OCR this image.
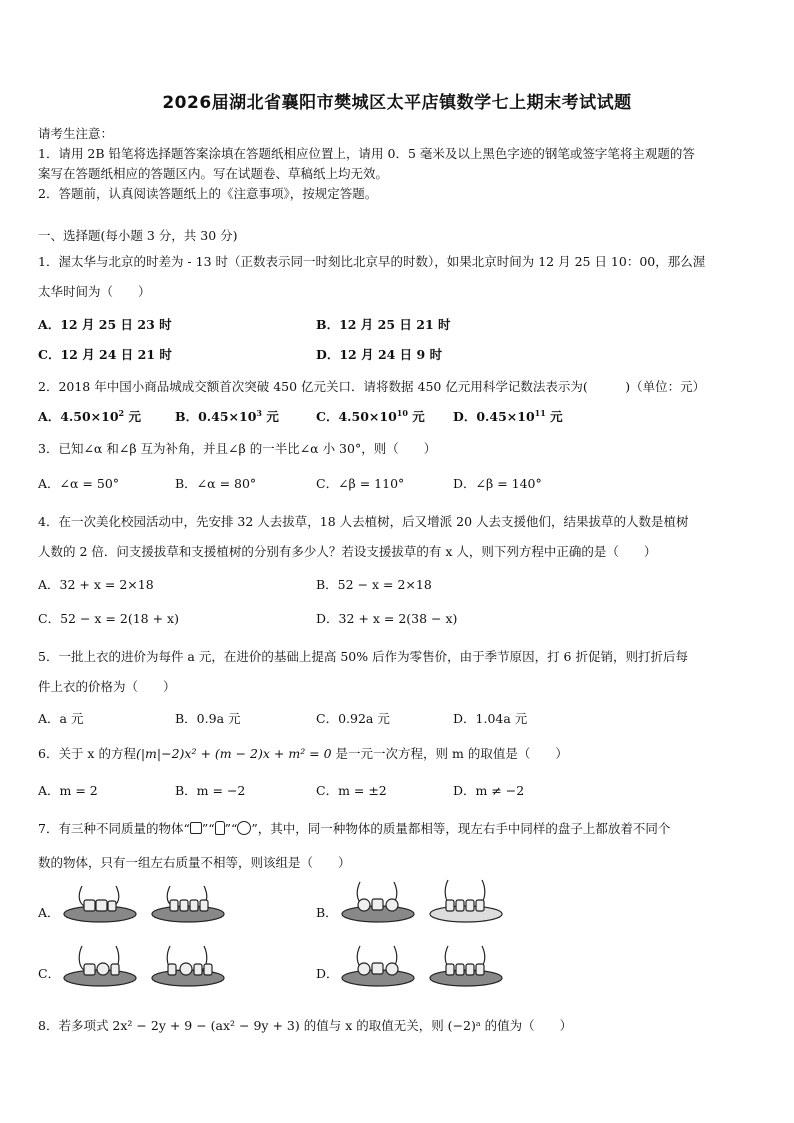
2026届湖北省襄阳市樊城区太平店镇数学七上期末考试试题
请考生注意：
1．请用 2B 铅笔将选择题答案涂填在答题纸相应位置上，请用 0．5 毫米及以上黑色字迹的钢笔或签字笔将主观题的答
案写在答题纸相应的答题区内。写在试题卷、草稿纸上均无效。
2．答题前，认真阅读答题纸上的《注意事项》，按规定答题。
一、选择题(每小题 3 分，共 30 分)
1．渥太华与北京的时差为 - 13 时（正数表示同一时刻比北京早的时数），如果北京时间为 12 月 25 日 10：00，那么渥
太华时间为（　　）
A．12 月 25 日 23 时	B．12 月 25 日 21 时
C．12 月 24 日 21 时	D．12 月 24 日 9 时
2．2018 年中国小商品城成交额首次突破 450 亿元关口．请将数据 450 亿元用科学记数法表示为(　　　)（单位：元）
A．$4.50\times 10^2$ 元	B．$0.45\times 10^3$ 元	C．$4.50\times 10^{10}$ 元 D．$0.45\times 10^{11}$ 元
3．已知∠α 和∠β 互为补角，并且∠β 的一半比∠α 小 30°，则（　　）
A．∠α = 50°	B．∠α = 80°	C．∠β = 110°	D．∠β = 140°
4．在一次美化校园活动中，先安排 32 人去拔草，18 人去植树，后又增派 20 人去支援他们，结果拔草的人数是植树
人数的 2 倍．问支援拔草和支援植树的分别有多少人？若设支援拔草的有 x 人，则下列方程中正确的是（　　）
A．32 + x = 2×18	B．52 − x = 2×18
C．52 − x = 2(18 + x)	D．32 + x = 2(38 − x)
5．一批上衣的进价为每件 a 元，在进价的基础上提高 50% 后作为零售价，由于季节原因，打 6 折促销，则打折后每
件上衣的价格为（　　）
A．a 元	B．0.9a 元	C．0.92a 元	D．1.04a 元
6．关于 x 的方程(|m|−2)x² + (m − 2)x + m² = 0 是一元一次方程，则 m 的取值是（　　）
A．m = 2	B．m = −2	C．m = ±2	D．m ≠ −2
7．有三种不同质量的物体“ ”“ ”“ ”，其中，同一种物体的质量都相等，现左右手中同样的盘子上都放着不同个
数的物体，只有一组左右质量不相等，则该组是（　　）
A．	B．
C．	D．
8．若多项式 2x² − 2y + 9 − (ax² − 9y + 3) 的值与 x 的取值无关，则 (−2)ᵃ 的值为（　　）
